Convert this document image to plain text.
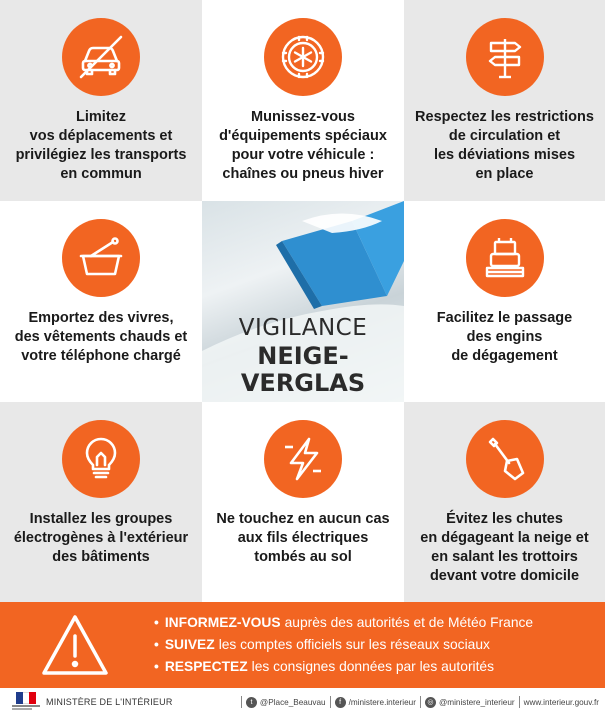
Limitez
vos déplacements et
privilégiez les transports
en commun
Munissez-vous
d'équipements spéciaux
pour votre véhicule :
chaînes ou pneus hiver
Respectez les restrictions
de circulation et
les déviations mises
en place
Emportez des vivres,
des vêtements chauds et
votre téléphone chargé
VIGILANCE
NEIGE-
VERGLAS
Facilitez le passage
des engins
de dégagement
Installez les groupes
électrogènes à l'extérieur
des bâtiments
Ne touchez en aucun cas
aux fils électriques
tombés au sol
Évitez les chutes
en dégageant la neige et
en salant les trottoirs
devant votre domicile
• INFORMEZ-VOUS auprès des autorités et de Météo France
• SUIVEZ les comptes officiels sur les réseaux sociaux
• RESPECTEZ les consignes données par les autorités
MINISTÈRE DE L'INTÉRIEUR	t @Place_Beauvau	f /ministere.interieur	◎ @ministere_interieur www.interieur.gouv.fr
